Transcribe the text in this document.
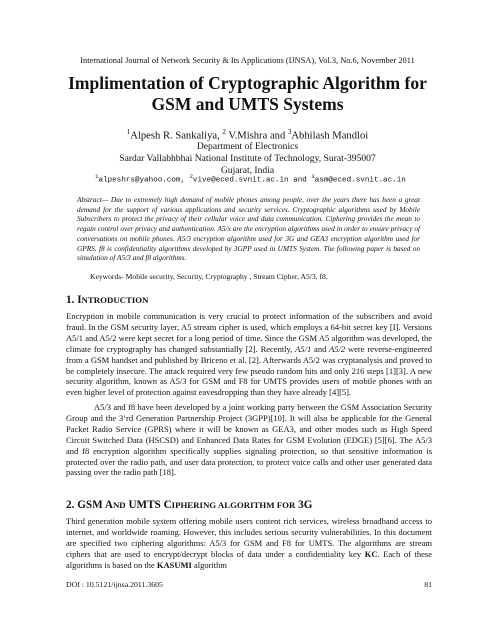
International Journal of Network Security & Its Applications (IJNSA), Vol.3, No.6, November 2011
Implimentation of Cryptographic Algorithm for
GSM and UMTS Systems
$^1$Alpesh R. Sankaliya, $^2$ V.Mishra and $^3$Abhilash Mandloi
Department of Electronics
Sardar Vallabhbhai National Institute of Technology, Surat-395007
Gujarat, India
$^1$alpeshrs@yahoo.com, $^2$vive@eced.svnit.ac.in and $^3$asm@eced.svnit.ac.in

Abstract— Due to extremely high demand of mobile phones among people, over the years there has been a great demand for the support of various applications and security services. Cryptographic algorithms used by Mobile Subscribers to protect the privacy of their cellular voice and data communication. Ciphering provides the mean to regain control over privacy and authentication. A5/x are the encryption algorithms used in order to ensure privacy of conversations on mobile phones. A5/3 encryption algorithm used for 3G and GEA3 encryption algorithm used for GPRS. f8 is confidentiality algorithms developed by 3GPP used in UMTS System. The following paper is based on simulation of A5/3 and f8 algorithms.

Keywords- Mobile security, Security, Cryptography , Stream Cipher, A5/3, f8.

1. INTRODUCTION

Encryption in mobile communication is very crucial to protect information of the subscribers and avoid fraud. In the GSM security layer, A5 stream cipher is used, which employs a 64-bit secret key [I]. Versions A5/1 and A5/2 were kept secret for a long period of time. Since the GSM A5 algorithm was developed, the climate for cryptography has changed substantially [2]. Recently, A5/1 and A5/2 were reverse-engineered from a GSM handset and published by Briceno et al. [2]. Afterwards A5/2 was cryptanalysis and proved to be completely insecure. The attack required very few pseudo random hits and only 216 steps [1][3]. A new security algorithm, known as A5/3 for GSM and F8 for UMTS provides users of mobile phones with an even higher level of protection against eavesdropping than they have already [4][5].

A5/3 and f8 have been developed by a joint working party between the GSM Association Security Group and the 3’rd Generation Partnership Project (3GPP)[10]. It will also be applicable for the General Packet Radio Service (GPRS) where it will be known as GEA3, and other modes such as High Speed Circuit Switched Data (HSCSD) and Enhanced Data Rates for GSM Evolution (EDGE) [5][6]. The A5/3 and f8 encryption algorithm specifically supplies signaling protection, so that sensitive information is protected over the radio path, and user data protection, to protect voice calls and other user generated data passing over the radio path [18].

2. GSM AND UMTS CIPHERING ALGORITHM FOR 3G

Third generation mobile system offering mobile users content rich services, wireless broadband access to internet, and worldwide roaming. However, this includes serious security vulnerabilities. In this document are specified two ciphering algorithms: A5/3 for GSM and F8 for UMTS. The algorithms are stream ciphers that are used to encrypt/decrypt blocks of data under a confidentiality key KC. Each of these algorithms is based on the KASUMI algorithm

DOI : 10.5121/ijnsa.2011.3605	81
